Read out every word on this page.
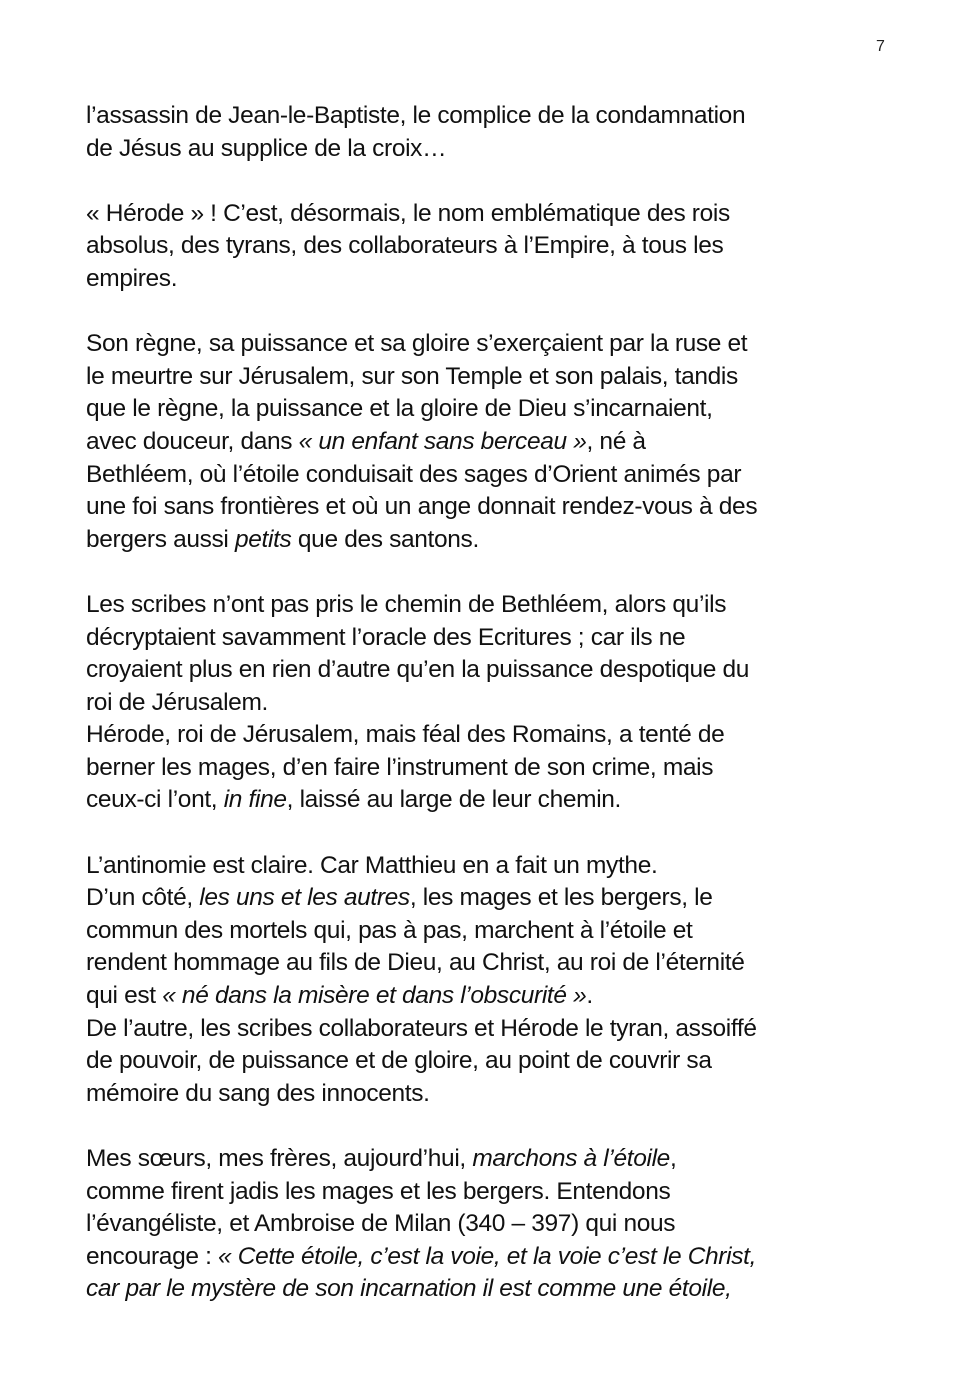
7
l’assassin de Jean-le-Baptiste, le complice de la condamnation
de Jésus au supplice de la croix…
« Hérode » ! C’est, désormais, le nom emblématique des rois
absolus, des tyrans, des collaborateurs à l’Empire, à tous les
empires.
Son règne, sa puissance et sa gloire s’exerçaient par la ruse et
le meurtre sur Jérusalem, sur son Temple et son palais, tandis
que le règne, la puissance et la gloire de Dieu s’incarnaient,
avec douceur, dans « un enfant sans berceau », né à
Bethléem, où l’étoile conduisait des sages d’Orient animés par
une foi sans frontières et où un ange donnait rendez-vous à des
bergers aussi petits que des santons.
Les scribes n’ont pas pris le chemin de Bethléem, alors qu’ils
décryptaient savamment l’oracle des Ecritures ; car ils ne
croyaient plus en rien d’autre qu’en la puissance despotique du
roi de Jérusalem.
Hérode, roi de Jérusalem, mais féal des Romains, a tenté de
berner les mages, d’en faire l’instrument de son crime, mais
ceux-ci l’ont, in fine, laissé au large de leur chemin.
L’antinomie est claire. Car Matthieu en a fait un mythe.
D’un côté, les uns et les autres, les mages et les bergers, le
commun des mortels qui, pas à pas, marchent à l’étoile et
rendent hommage au fils de Dieu, au Christ, au roi de l’éternité
qui est « né dans la misère et dans l’obscurité ».
De l’autre, les scribes collaborateurs et Hérode le tyran, assoiffé
de pouvoir, de puissance et de gloire, au point de couvrir sa
mémoire du sang des innocents.
Mes sœurs, mes frères, aujourd’hui, marchons à l’étoile,
comme firent jadis les mages et les bergers. Entendons
l’évangéliste, et Ambroise de Milan (340 – 397) qui nous
encourage : « Cette étoile, c’est la voie, et la voie c’est le Christ,
car par le mystère de son incarnation il est comme une étoile,
